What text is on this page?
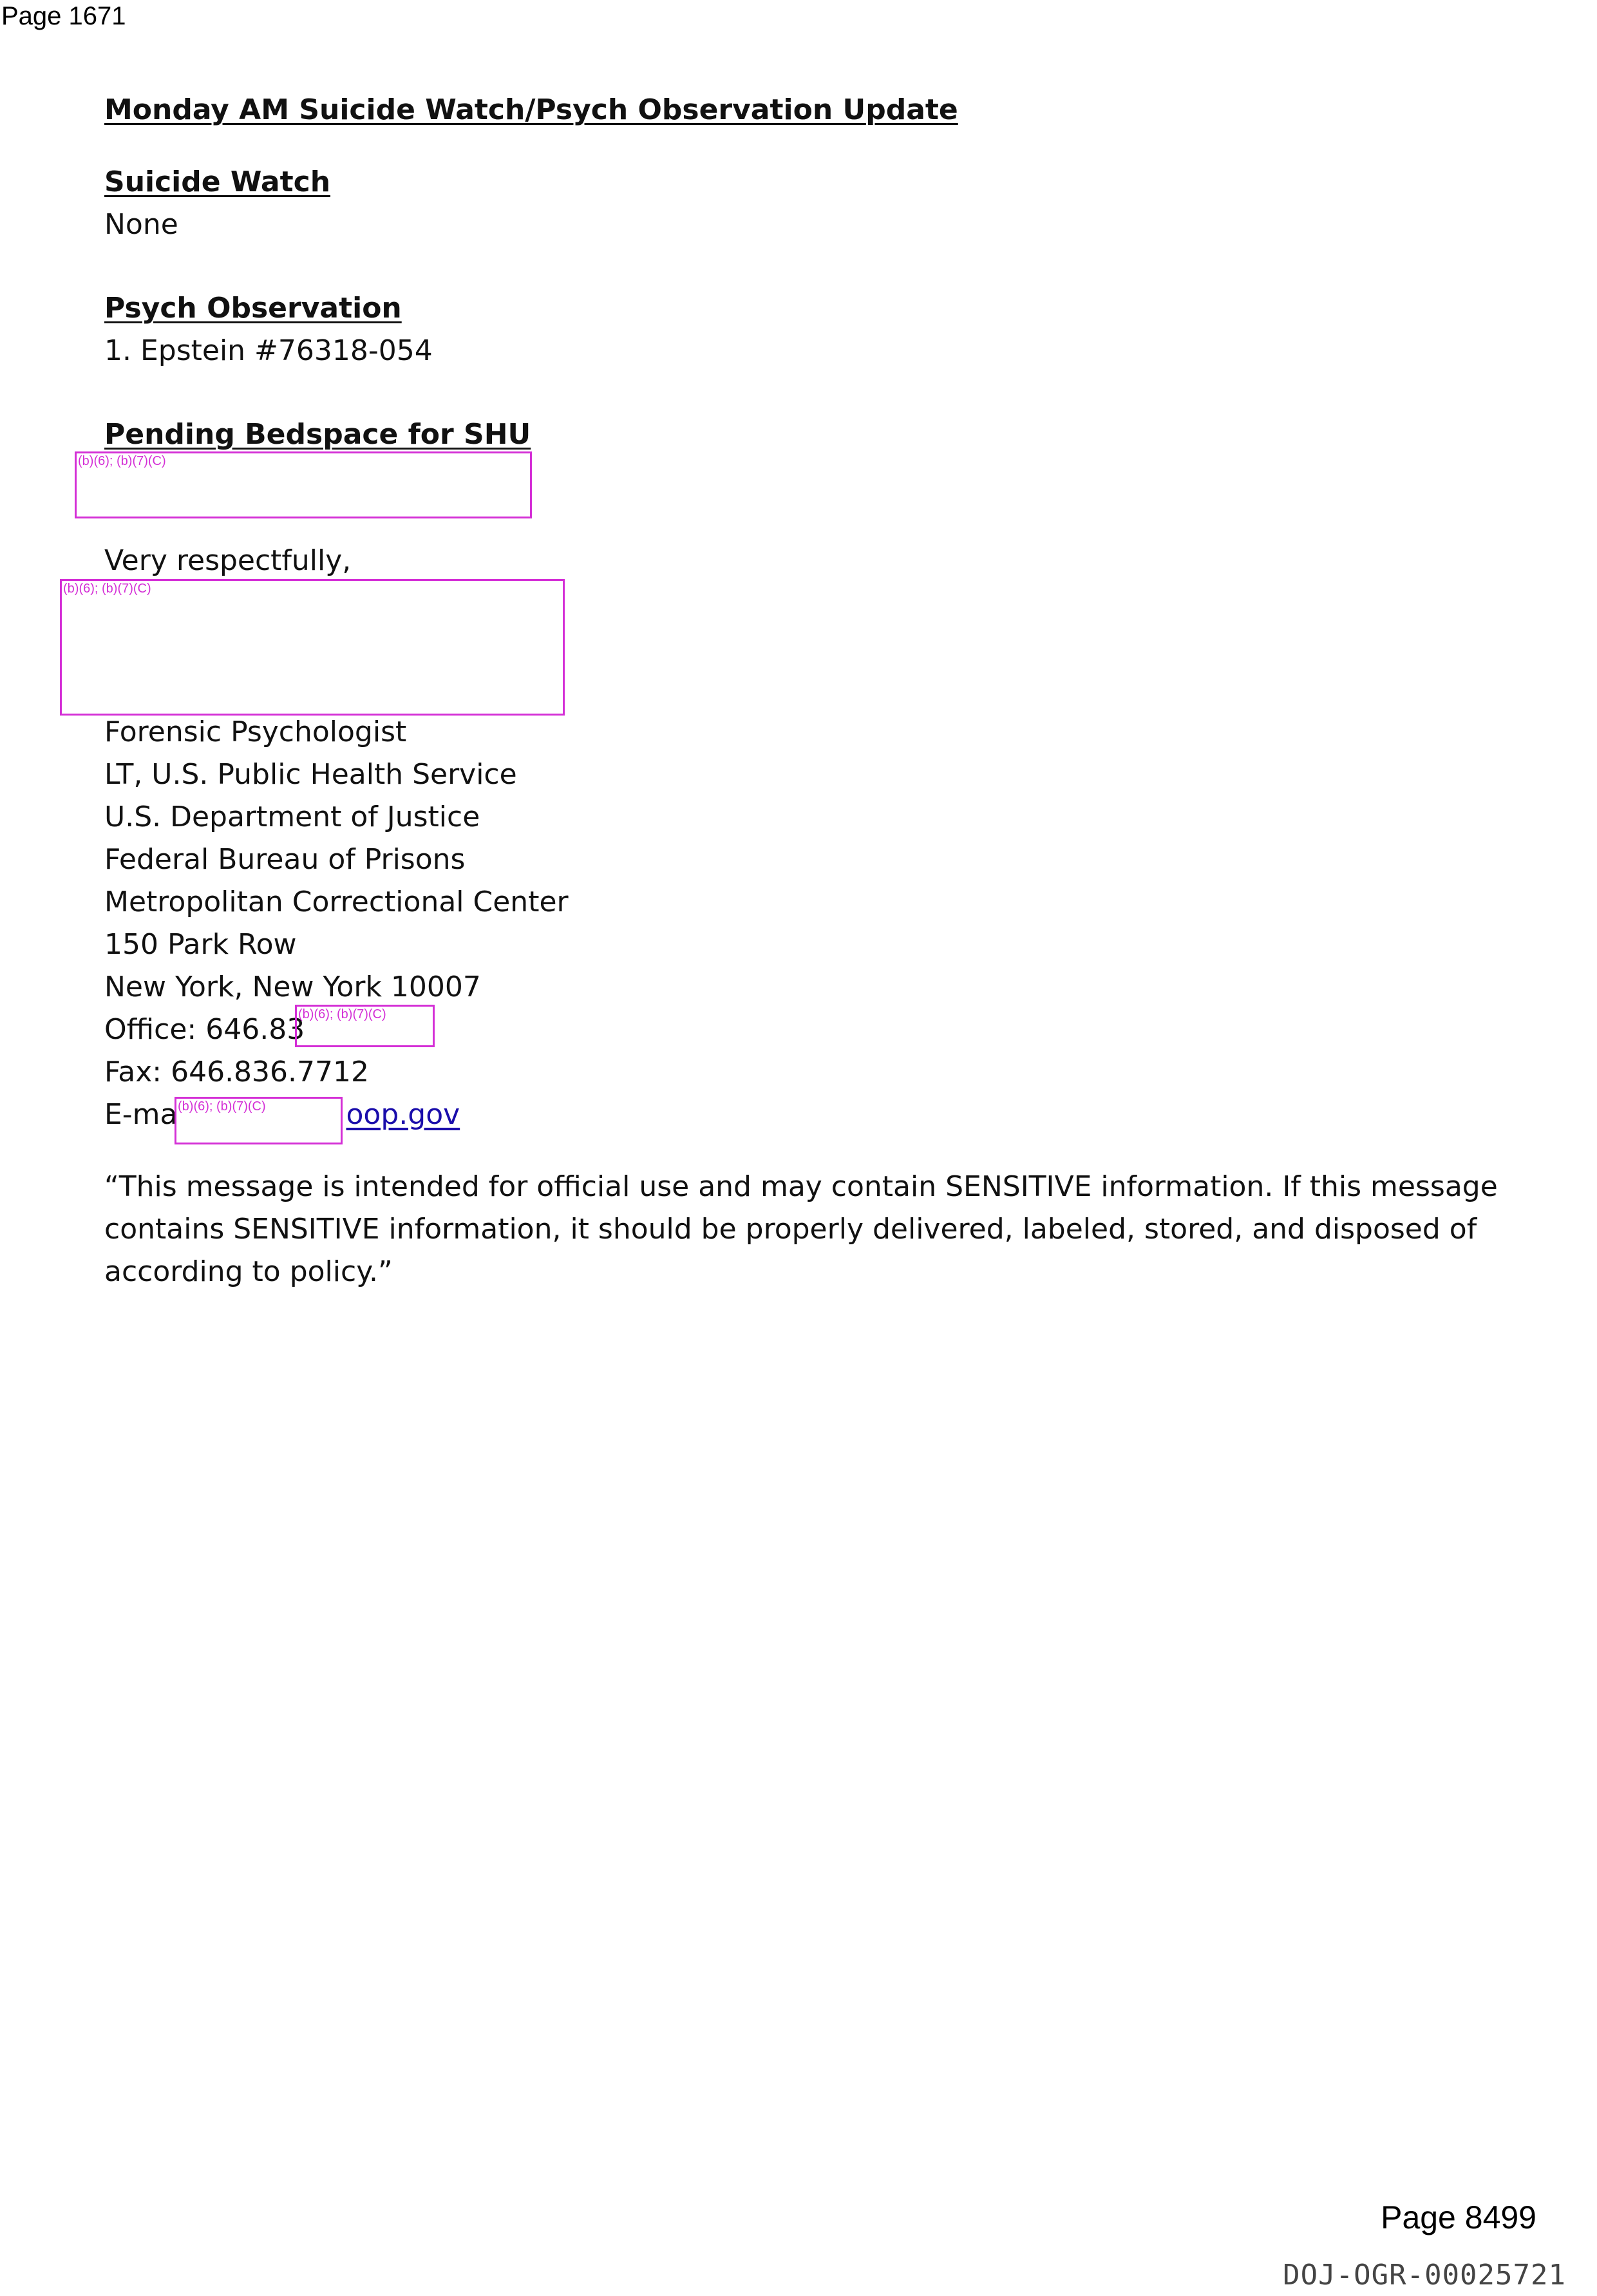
Page 1671

Monday AM Suicide Watch/Psych Observation Update

Suicide Watch

None

Psych Observation

1. Epstein #76318-054

Pending Bedspace for SHU

Very respectfully,

Forensic Psychologist

LT, U.S. Public Health Service

U.S. Department of Justice

Federal Bureau of Prisons

Metropolitan Correctional Center

150 Park Row

New York, New York 10007

Office: 646.83

Fax: 646.836.7712

E-ma	oop.gov

“This message is intended for official use and may contain SENSITIVE information. If this message contains SENSITIVE information, it should be properly delivered, labeled, stored, and disposed of according to policy.”

(b)(6); (b)(7)(C)
(b)(6); (b)(7)(C)
(b)(6); (b)(7)(C)
(b)(6); (b)(7)(C)
Page 8499
DOJ-OGR-00025721
